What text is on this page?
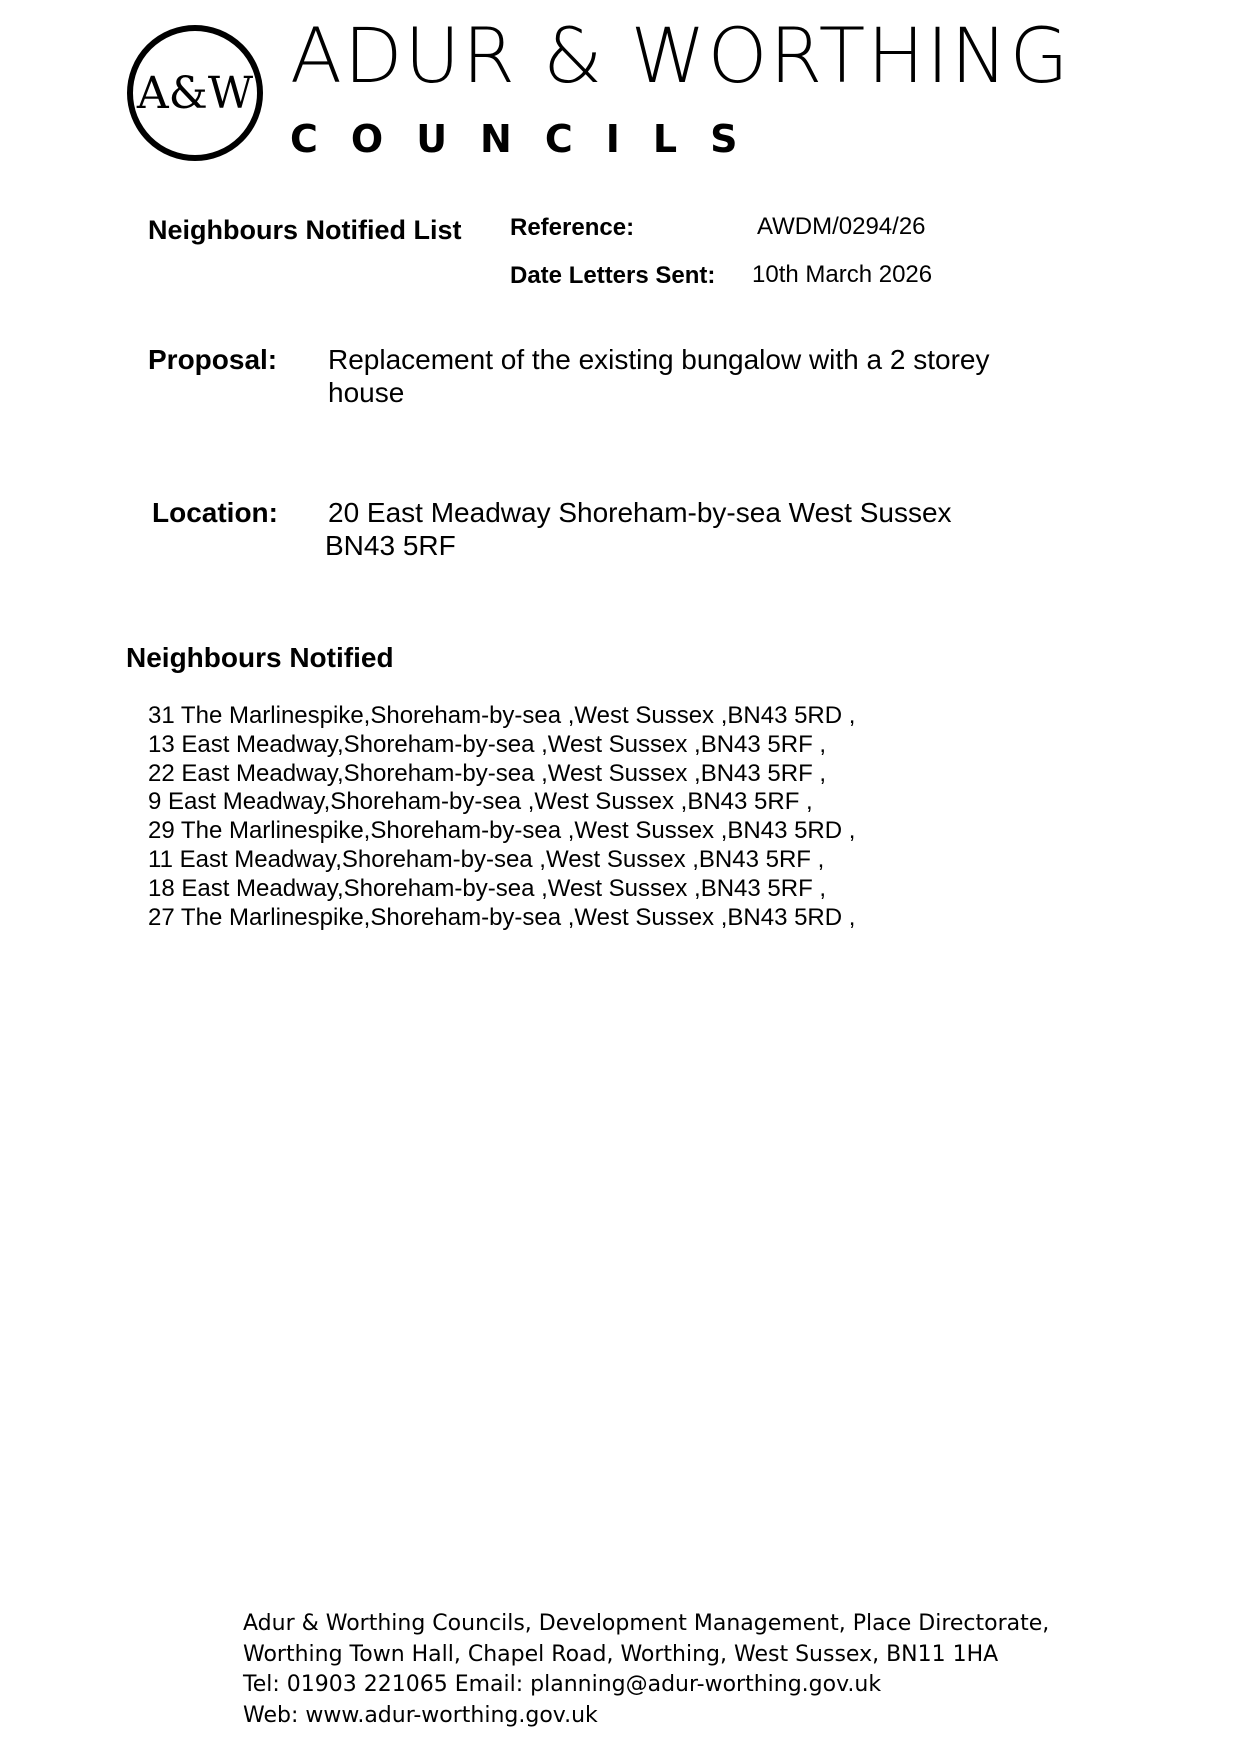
A&W ADUR & WORTHING
COUNCILS
Neighbours Notified List Reference:	AWDM/0294/26
Date Letters Sent: 10th March 2026
Proposal: Replacement of the existing bungalow with a 2 storey house
Location: 20 East Meadway Shoreham-by-sea West Sussex
BN43 5RF
Neighbours Notified
31 The Marlinespike,Shoreham-by-sea ,West Sussex ,BN43 5RD ,
13 East Meadway,Shoreham-by-sea ,West Sussex ,BN43 5RF ,
22 East Meadway,Shoreham-by-sea ,West Sussex ,BN43 5RF ,
9 East Meadway,Shoreham-by-sea ,West Sussex ,BN43 5RF ,
29 The Marlinespike,Shoreham-by-sea ,West Sussex ,BN43 5RD ,
11 East Meadway,Shoreham-by-sea ,West Sussex ,BN43 5RF ,
18 East Meadway,Shoreham-by-sea ,West Sussex ,BN43 5RF ,
27 The Marlinespike,Shoreham-by-sea ,West Sussex ,BN43 5RD ,
Adur & Worthing Councils, Development Management, Place Directorate,
Worthing Town Hall, Chapel Road, Worthing, West Sussex, BN11 1HA
Tel: 01903 221065 Email: planning@adur-worthing.gov.uk
Web: www.adur-worthing.gov.uk
